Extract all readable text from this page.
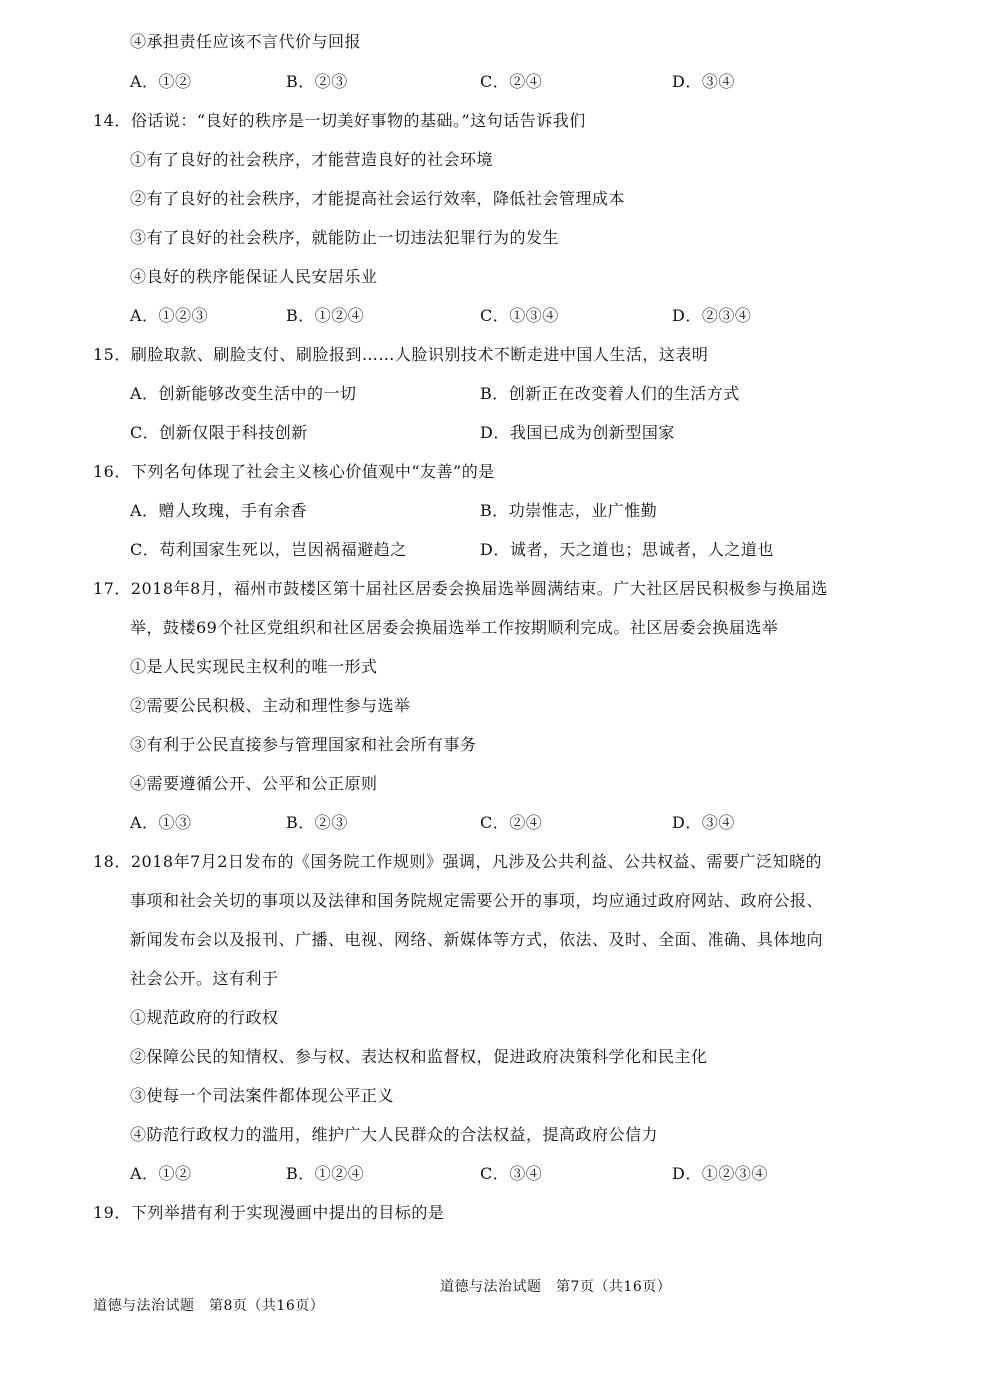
④承担责任应该不言代价与回报
A．①②	B．②③	C．②④	D．③④
14．俗话说：“良好的秩序是一切美好事物的基础。”这句话告诉我们
①有了良好的社会秩序，才能营造良好的社会环境
②有了良好的社会秩序，才能提高社会运行效率，降低社会管理成本
③有了良好的社会秩序，就能防止一切违法犯罪行为的发生
④良好的秩序能保证人民安居乐业
A．①②③	B．①②④	C．①③④	D．②③④
15．刷脸取款、刷脸支付、刷脸报到……人脸识别技术不断走进中国人生活，这表明
A．创新能够改变生活中的一切	B．创新正在改变着人们的生活方式
C．创新仅限于科技创新	D．我国已成为创新型国家
16．下列名句体现了社会主义核心价值观中“友善”的是
A．赠人玫瑰，手有余香	B．功崇惟志，业广惟勤
C．苟利国家生死以，岂因祸福避趋之	D．诚者，天之道也；思诚者，人之道也
17．2018年8月，福州市鼓楼区第十届社区居委会换届选举圆满结束。广大社区居民积极参与换届选
举，鼓楼69个社区党组织和社区居委会换届选举工作按期顺利完成。社区居委会换届选举
①是人民实现民主权利的唯一形式
②需要公民积极、主动和理性参与选举
③有利于公民直接参与管理国家和社会所有事务
④需要遵循公开、公平和公正原则
A．①③	B．②③	C．②④	D．③④
18．2018年7月2日发布的《国务院工作规则》强调，凡涉及公共利益、公共权益、需要广泛知晓的
事项和社会关切的事项以及法律和国务院规定需要公开的事项，均应通过政府网站、政府公报、
新闻发布会以及报刊、广播、电视、网络、新媒体等方式，依法、及时、全面、准确、具体地向
社会公开。这有利于
①规范政府的行政权
②保障公民的知情权、参与权、表达权和监督权，促进政府决策科学化和民主化
③使每一个司法案件都体现公平正义
④防范行政权力的滥用，维护广大人民群众的合法权益，提高政府公信力
A．①②	B．①②④	C．③④	D．①②③④
19．下列举措有利于实现漫画中提出的目标的是
道德与法治试题　第7页（共16页）
道德与法治试题　第8页（共16页）
